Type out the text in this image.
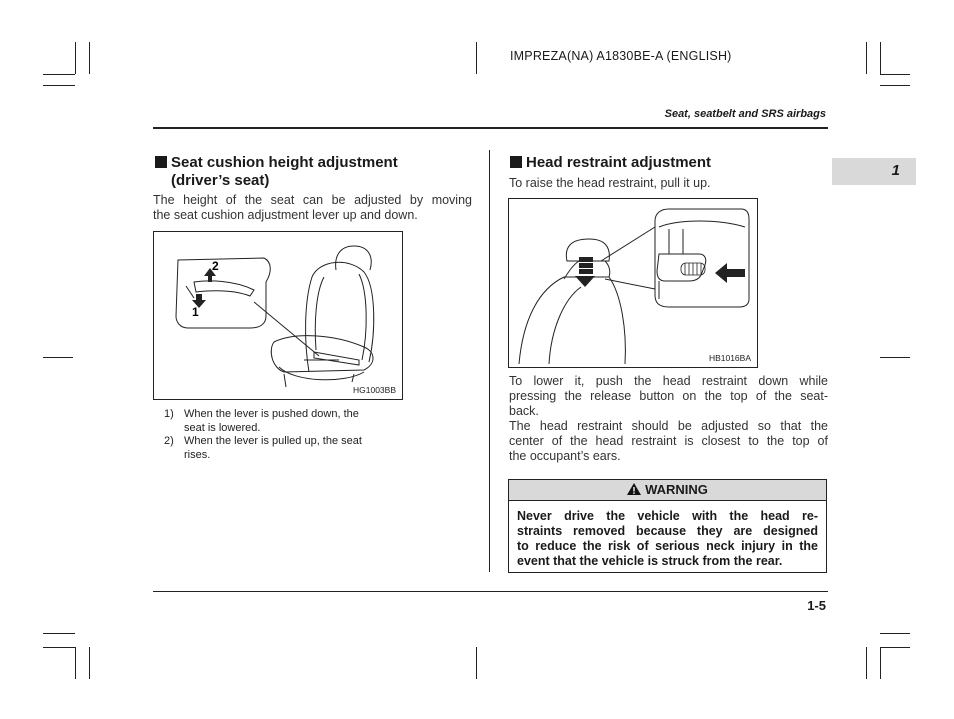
IMPREZA(NA) A1830BE-A (ENGLISH)
Seat, seatbelt and SRS airbags
1
Seat cushion height adjustment
(driver’s seat)
The height of the seat can be adjusted by moving
the seat cushion adjustment lever up and down.
2
1
HG1003BB
1) When the lever is pushed down, the
seat is lowered.
2) When the lever is pulled up, the seat
rises.
Head restraint adjustment
To raise the head restraint, pull it up.
HB1016BA
To lower it, push the head restraint down while
pressing the release button on the top of the seat-
back.
The head restraint should be adjusted so that the
center of the head restraint is closest to the top of
the occupant’s ears.
WARNING
Never drive the vehicle with the head re-
straints removed because they are designed
to reduce the risk of serious neck injury in the
event that the vehicle is struck from the rear.
1-5
